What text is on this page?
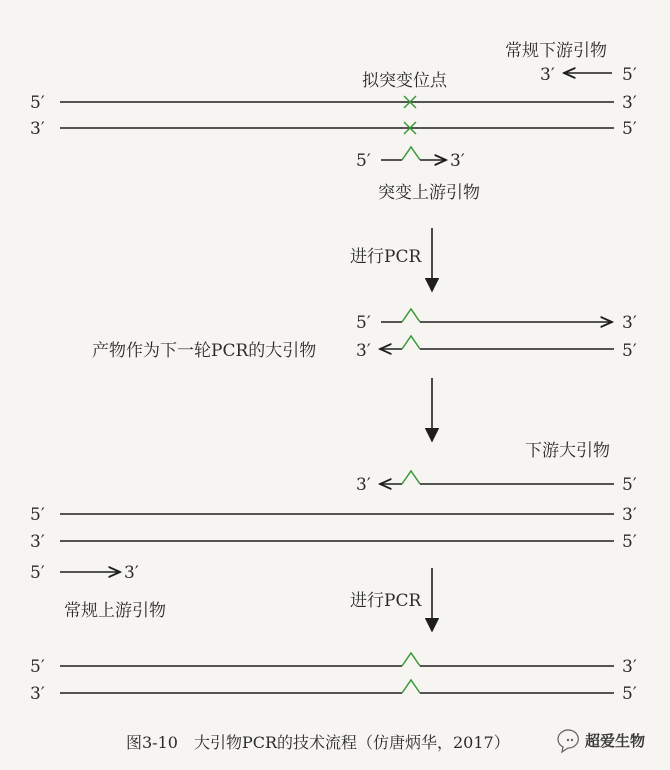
常规下游引物
3′	5′
拟突变位点
5′	3′
3′	5′
5′	3′
突变上游引物
进行PCR
5′	3′
产物作为下一轮PCR的大引物 3′	5′
下游大引物
3′	5′
5′	3′
3′	5′
5′	3′
常规上游引物	进行PCR
5′	3′
3′	5′
图3-10　大引物PCR的技术流程（仿唐炳华，2017）	超爱生物
